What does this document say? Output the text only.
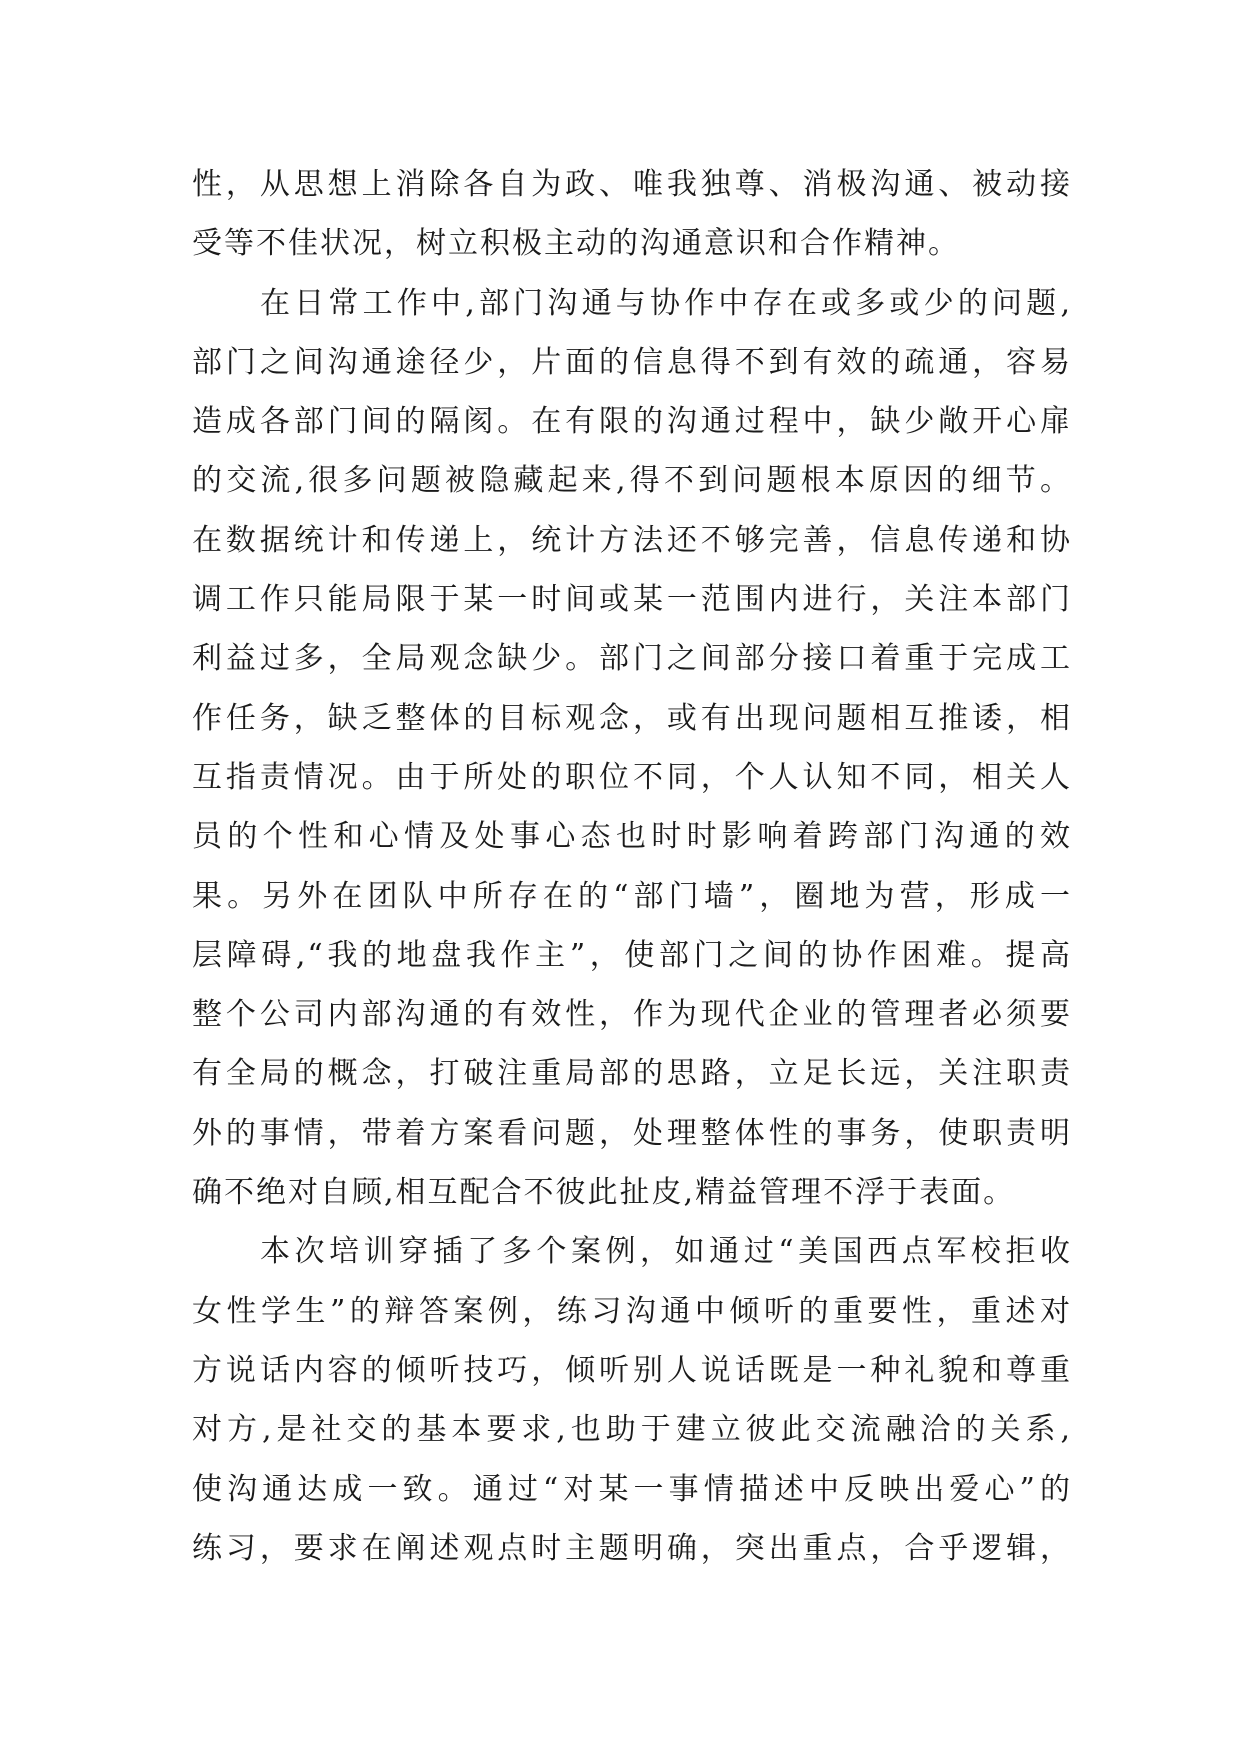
性，从思想上消除各自为政、唯我独尊、消极沟通、被动接
受等不佳状况，树立积极主动的沟通意识和合作精神。
在日常工作中,部门沟通与协作中存在或多或少的问题,
部门之间沟通途径少，片面的信息得不到有效的疏通，容易
造成各部门间的隔阂。在有限的沟通过程中，缺少敞开心扉
的交流,很多问题被隐藏起来,得不到问题根本原因的细节。
在数据统计和传递上，统计方法还不够完善，信息传递和协
调工作只能局限于某一时间或某一范围内进行，关注本部门
利益过多，全局观念缺少。部门之间部分接口着重于完成工
作任务，缺乏整体的目标观念，或有出现问题相互推诿，相
互指责情况。由于所处的职位不同，个人认知不同，相关人
员的个性和心情及处事心态也时时影响着跨部门沟通的效
果。另外在团队中所存在的“部门墙”，圈地为营，形成一
层障碍,“我的地盘我作主”，使部门之间的协作困难。提高
整个公司内部沟通的有效性，作为现代企业的管理者必须要
有全局的概念，打破注重局部的思路，立足长远，关注职责
外的事情，带着方案看问题，处理整体性的事务，使职责明
确不绝对自顾,相互配合不彼此扯皮,精益管理不浮于表面。
本次培训穿插了多个案例，如通过“美国西点军校拒收
女性学生”的辩答案例，练习沟通中倾听的重要性，重述对
方说话内容的倾听技巧，倾听别人说话既是一种礼貌和尊重
对方,是社交的基本要求,也助于建立彼此交流融洽的关系,
使沟通达成一致。通过“对某一事情描述中反映出爱心”的
练习，要求在阐述观点时主题明确，突出重点，合乎逻辑，
